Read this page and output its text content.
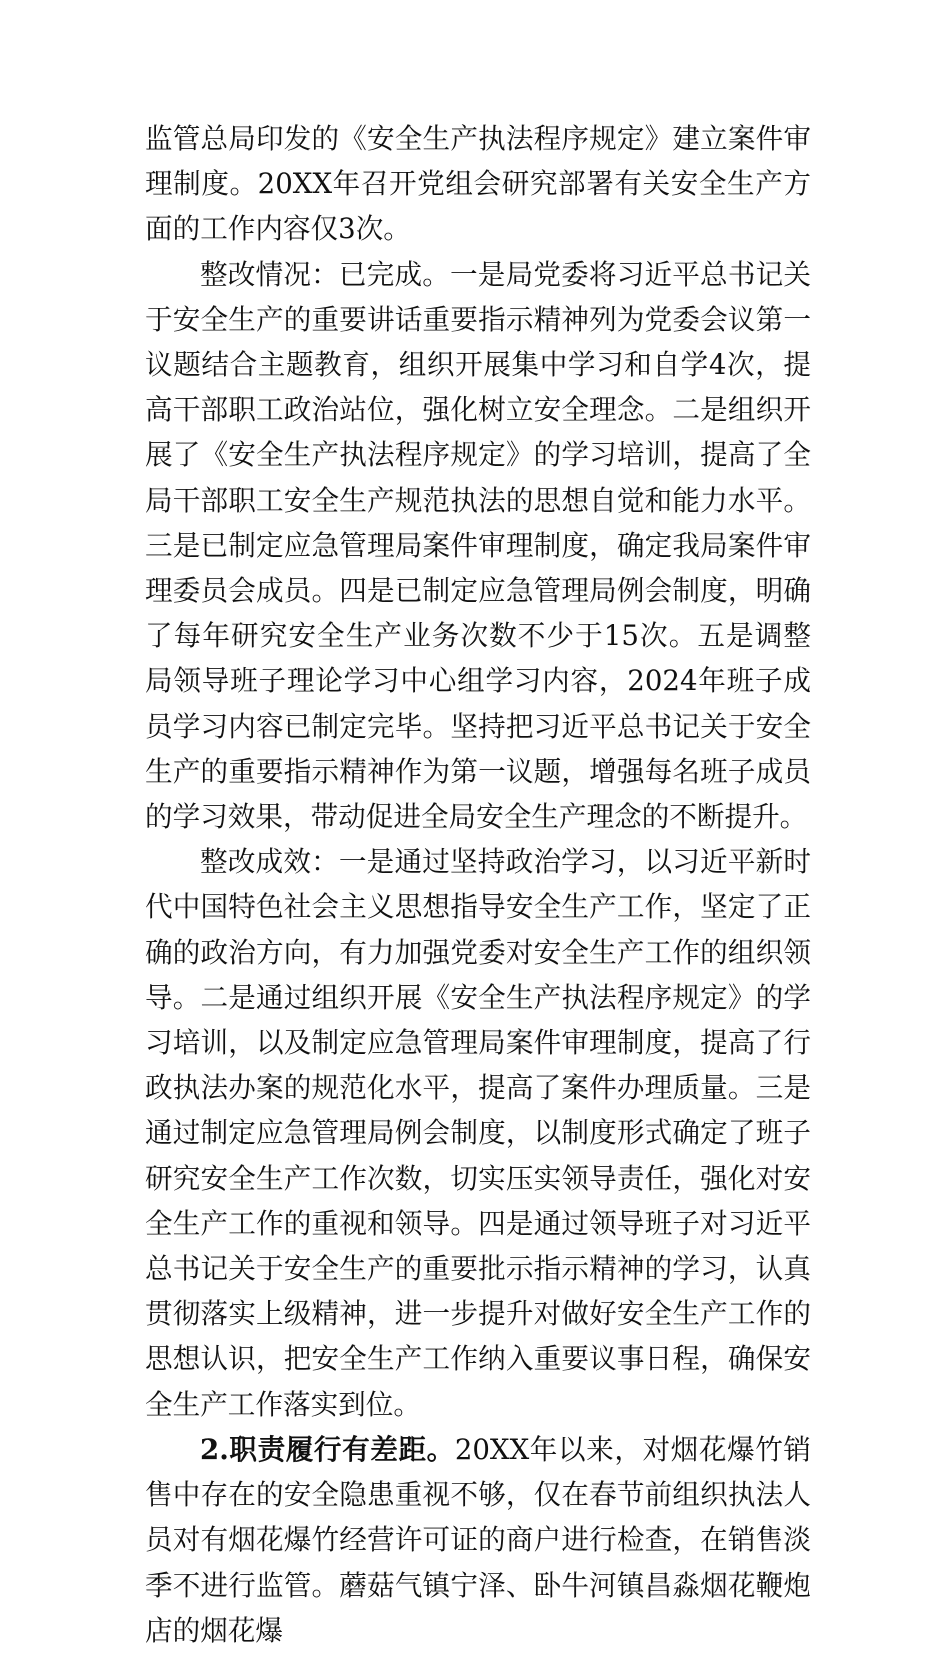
监管总局印发的《安全生产执法程序规定》建立案件审理制度。20XX年召开党组会研究部署有关安全生产方面的工作内容仅3次。

整改情况：已完成。一是局党委将习近平总书记关于安全生产的重要讲话重要指示精神列为党委会议第一议题结合主题教育，组织开展集中学习和自学4次，提高干部职工政治站位，强化树立安全理念。二是组织开展了《安全生产执法程序规定》的学习培训，提高了全局干部职工安全生产规范执法的思想自觉和能力水平。三是已制定应急管理局案件审理制度，确定我局案件审理委员会成员。四是已制定应急管理局例会制度，明确了每年研究安全生产业务次数不少于15次。五是调整局领导班子理论学习中心组学习内容，2024年班子成员学习内容已制定完毕。坚持把习近平总书记关于安全生产的重要指示精神作为第一议题，增强每名班子成员的学习效果，带动促进全局安全生产理念的不断提升。

整改成效：一是通过坚持政治学习，以习近平新时代中国特色社会主义思想指导安全生产工作，坚定了正确的政治方向，有力加强党委对安全生产工作的组织领导。二是通过组织开展《安全生产执法程序规定》的学习培训，以及制定应急管理局案件审理制度，提高了行政执法办案的规范化水平，提高了案件办理质量。三是通过制定应急管理局例会制度，以制度形式确定了班子研究安全生产工作次数，切实压实领导责任，强化对安全生产工作的重视和领导。四是通过领导班子对习近平总书记关于安全生产的重要批示指示精神的学习，认真贯彻落实上级精神，进一步提升对做好安全生产工作的思想认识，把安全生产工作纳入重要议事日程，确保安全生产工作落实到位。

2.职责履行有差距。20XX年以来，对烟花爆竹销售中存在的安全隐患重视不够，仅在春节前组织执法人员对有烟花爆竹经营许可证的商户进行检查，在销售淡季不进行监管。蘑菇气镇宁泽、卧牛河镇昌淼烟花鞭炮店的烟花爆
